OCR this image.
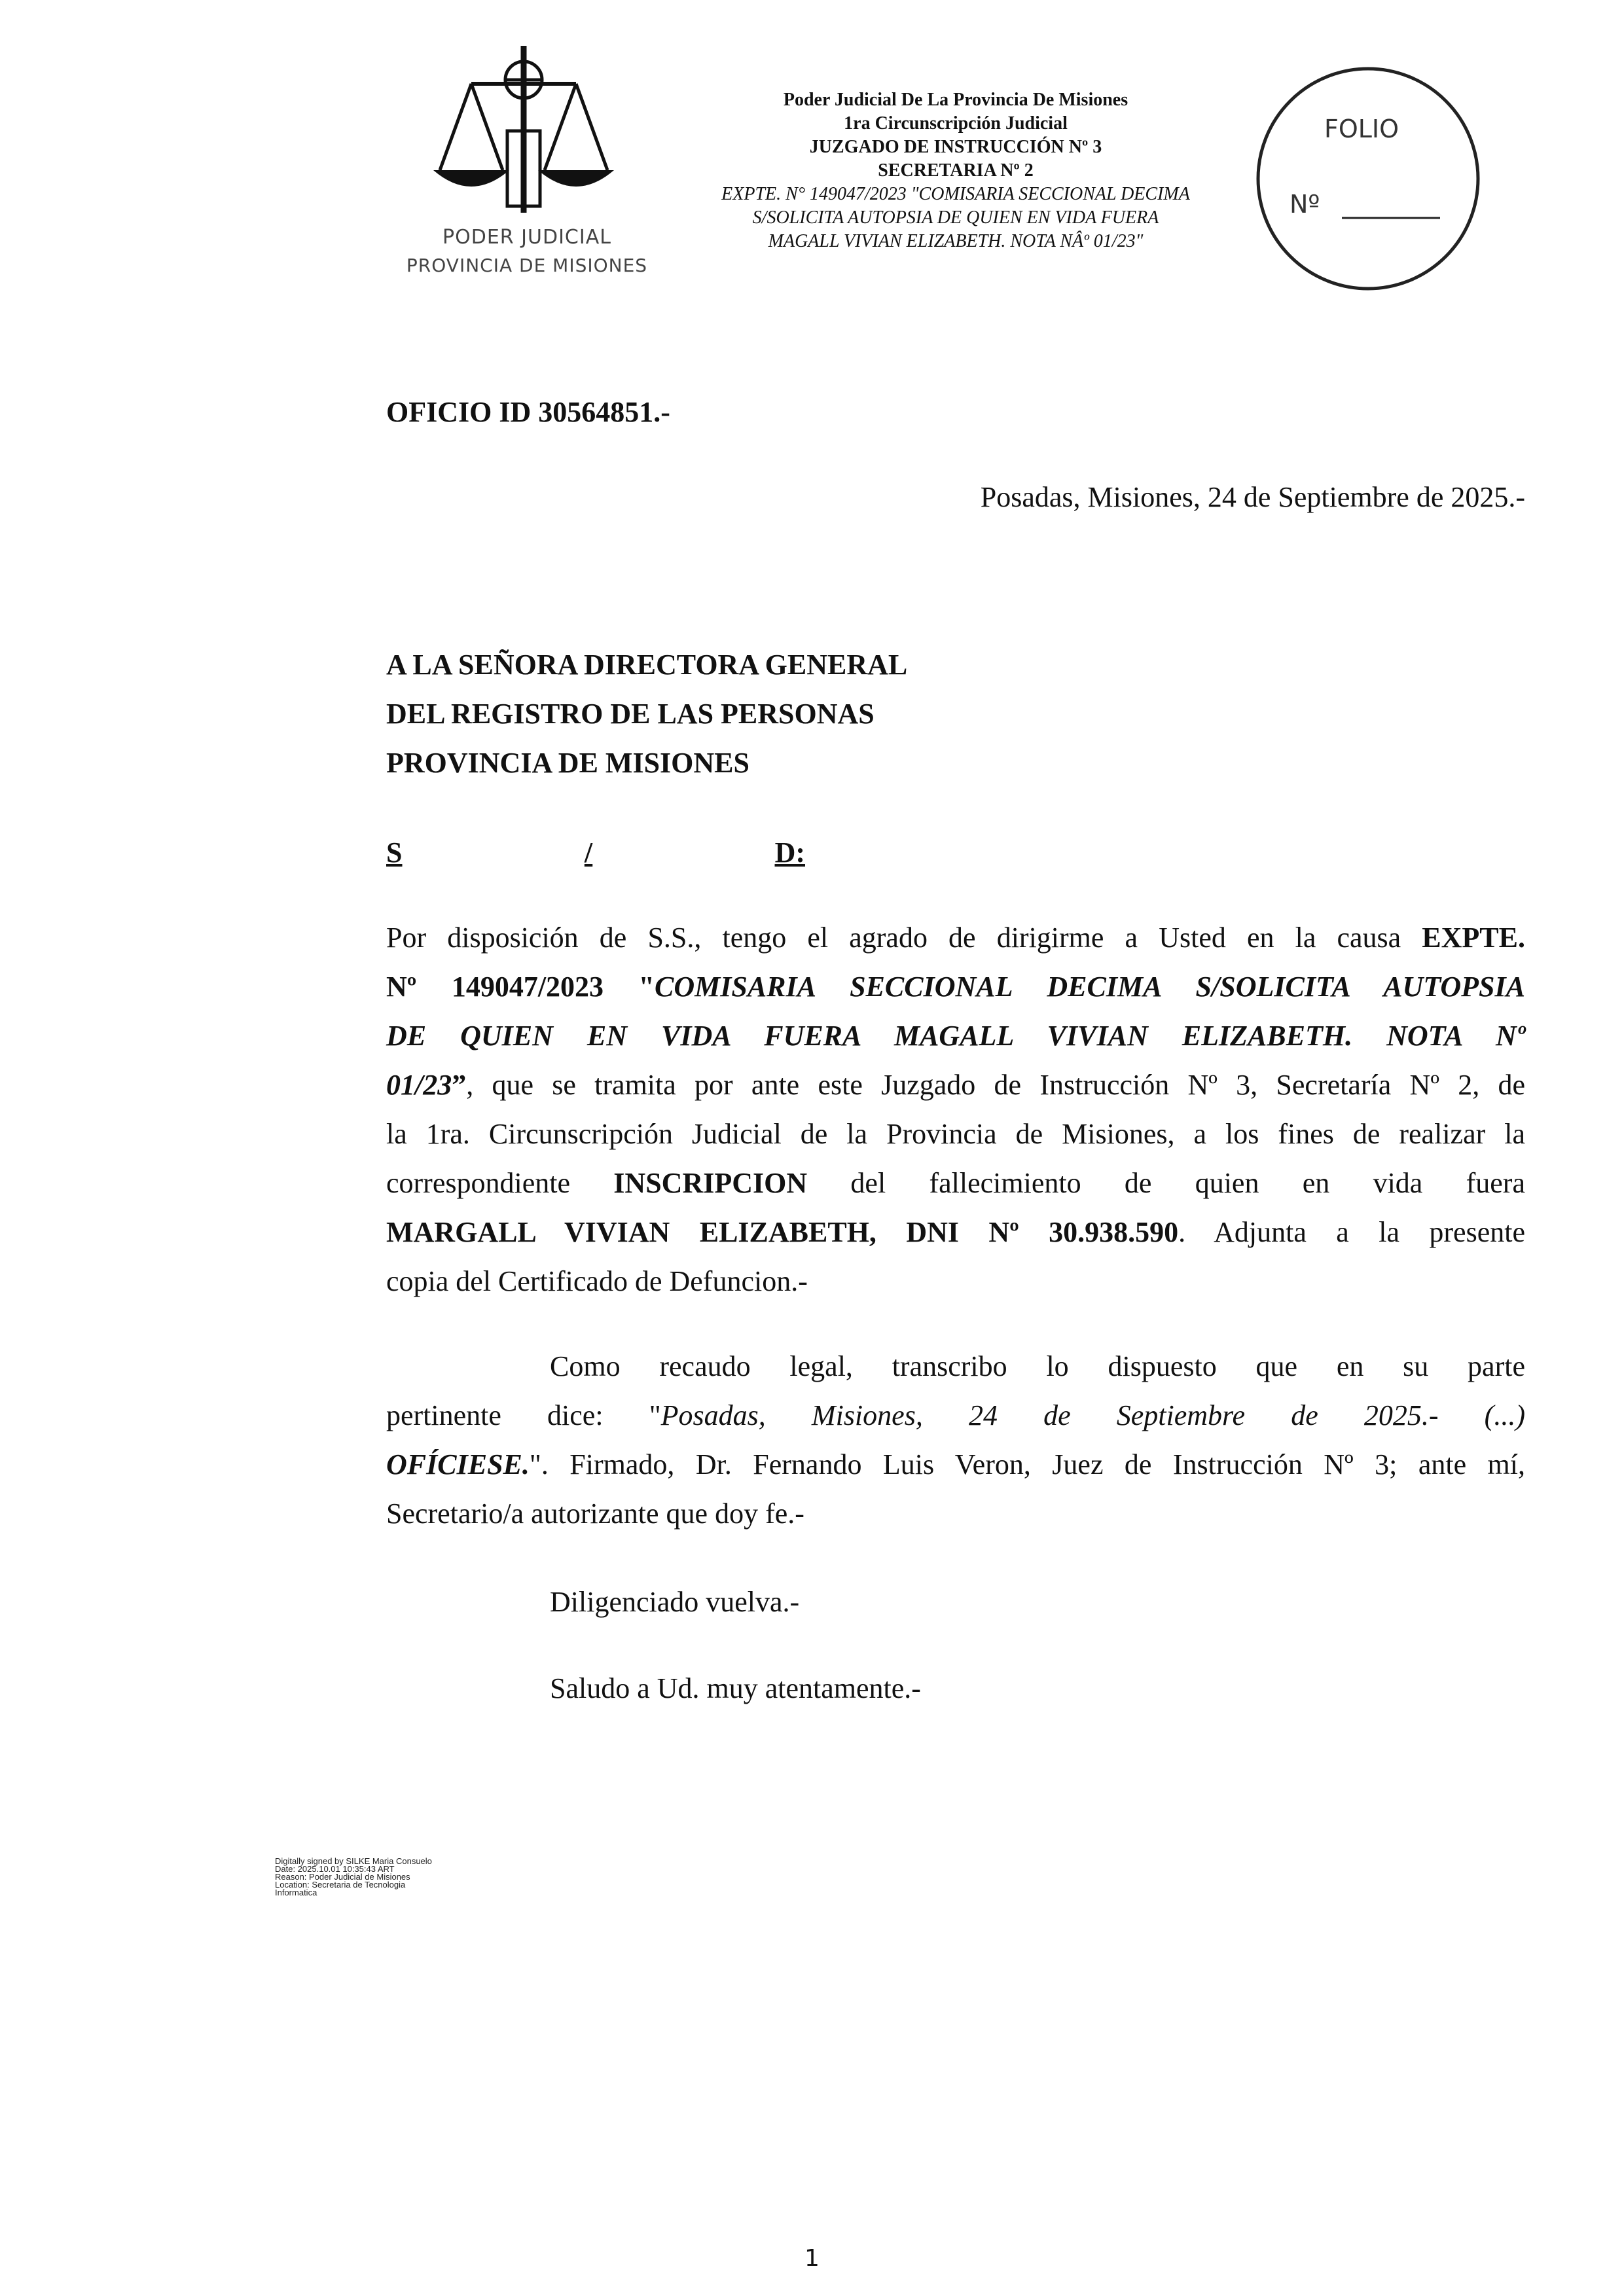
PODER JUDICIAL
PROVINCIA DE MISIONES
Poder Judicial De La Provincia De Misiones
1ra Circunscripción Judicial
JUZGADO DE INSTRUCCIÓN Nº 3
SECRETARIA Nº 2
EXPTE. N° 149047/2023 "COMISARIA SECCIONAL DECIMA
S/SOLICITA AUTOPSIA DE QUIEN EN VIDA FUERA
MAGALL VIVIAN ELIZABETH. NOTA NÂº 01/23"
FOLIO
Nº
OFICIO ID 30564851.-
Posadas, Misiones, 24 de Septiembre de 2025.-
A LA SEÑORA DIRECTORA GENERAL
DEL REGISTRO DE LAS PERSONAS
PROVINCIA DE MISIONES
S	/	D:
Por disposición de S.S., tengo el agrado de dirigirme a Usted en la causa EXPTE.
Nº 149047/2023 "COMISARIA SECCIONAL DECIMA S/SOLICITA AUTOPSIA
DE QUIEN EN VIDA FUERA MAGALL VIVIAN ELIZABETH. NOTA Nº
01/23”, que se tramita por ante este Juzgado de Instrucción Nº 3, Secretaría Nº 2, de
la 1ra. Circunscripción Judicial de la Provincia de Misiones, a los fines de realizar la
correspondiente INSCRIPCION del fallecimiento de quien en vida fuera
MARGALL VIVIAN ELIZABETH, DNI Nº 30.938.590. Adjunta a la presente
copia del Certificado de Defuncion.-
Como recaudo legal, transcribo lo dispuesto que en su parte
pertinente dice: "Posadas, Misiones, 24 de Septiembre de 2025.- (...)
OFÍCIESE.". Firmado, Dr. Fernando Luis Veron, Juez de Instrucción Nº 3; ante mí,
Secretario/a autorizante que doy fe.-
Diligenciado vuelva.-
Saludo a Ud. muy atentamente.-
Digitally signed by SILKE Maria Consuelo
Date: 2025.10.01 10:35:43 ART
Reason: Poder Judicial de Misiones
Location: Secretaria de Tecnologia
Informatica
1
